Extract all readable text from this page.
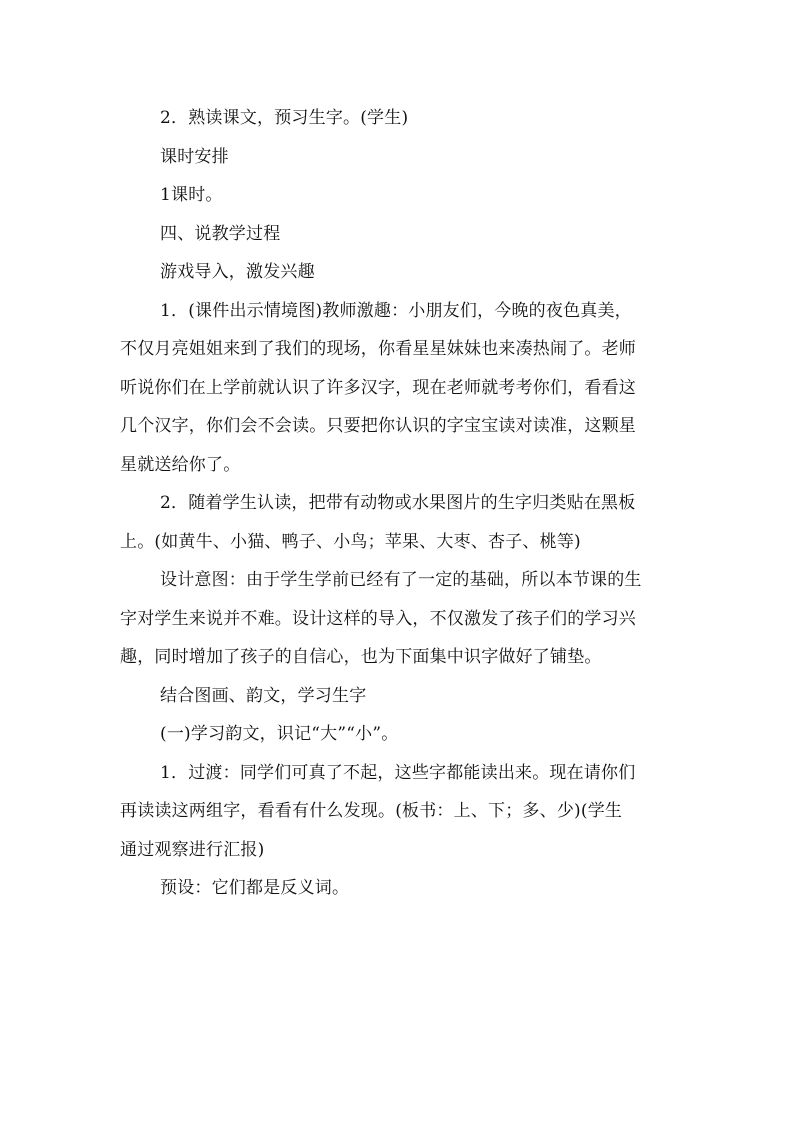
2．熟读课文，预习生字。(学生)
课时安排
1课时。
四、说教学过程
游戏导入，激发兴趣
1．(课件出示情境图)教师激趣：小朋友们，今晚的夜色真美，
不仅月亮姐姐来到了我们的现场，你看星星妹妹也来凑热闹了。老师
听说你们在上学前就认识了许多汉字，现在老师就考考你们，看看这
几个汉字，你们会不会读。只要把你认识的字宝宝读对读准，这颗星
星就送给你了。
2．随着学生认读，把带有动物或水果图片的生字归类贴在黑板
上。(如黄牛、小猫、鸭子、小鸟；苹果、大枣、杏子、桃等)
设计意图：由于学生学前已经有了一定的基础，所以本节课的生
字对学生来说并不难。设计这样的导入，不仅激发了孩子们的学习兴
趣，同时增加了孩子的自信心，也为下面集中识字做好了铺垫。
结合图画、韵文，学习生字
(一)学习韵文，识记“大”“小”。
1．过渡：同学们可真了不起，这些字都能读出来。现在请你们
再读读这两组字，看看有什么发现。(板书：上、下；多、少)(学生
通过观察进行汇报)
预设：它们都是反义词。
